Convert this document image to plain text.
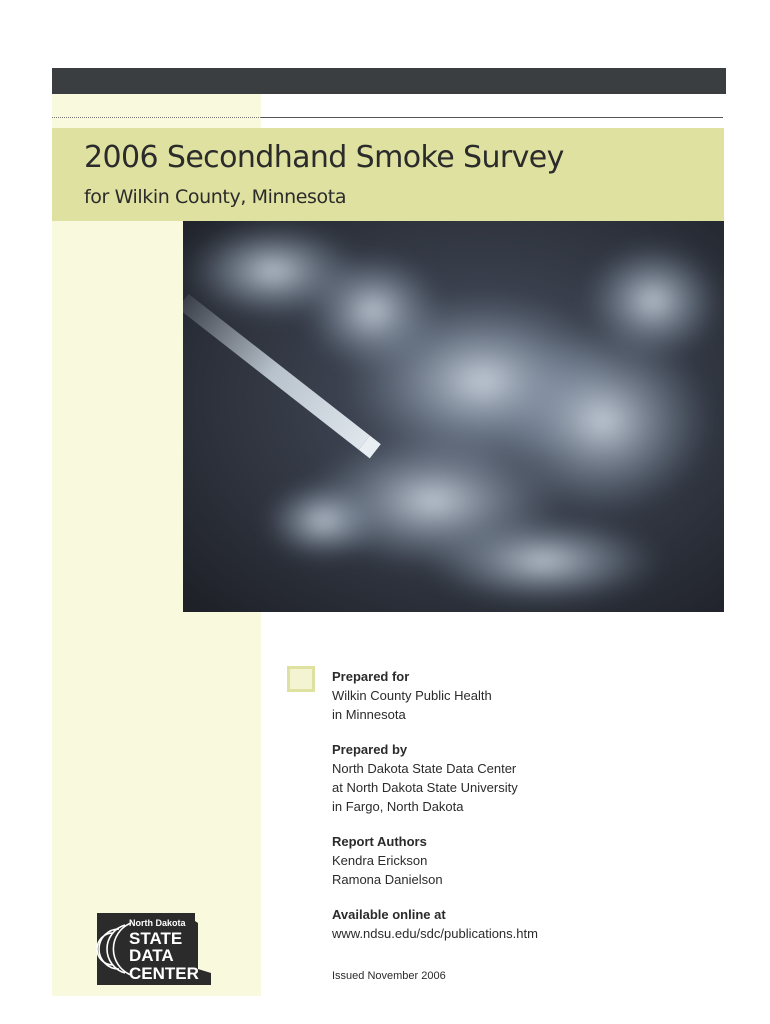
2006 Secondhand Smoke Survey
for Wilkin County, Minnesota
Prepared for
Wilkin County Public Health
in Minnesota
Prepared by
North Dakota State Data Center
at North Dakota State University
in Fargo, North Dakota
Report Authors
Kendra Erickson
Ramona Danielson
Available online at
www.ndsu.edu/sdc/publications.htm
Issued November 2006
North Dakota
STATE
DATA
CENTER
